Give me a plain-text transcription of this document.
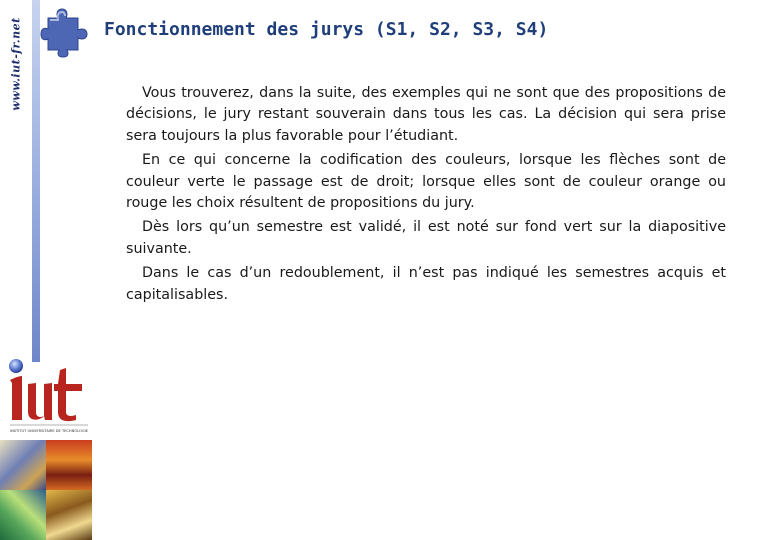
www.iut-fr.net
INSTITUT UNIVERSITAIRE DE TECHNOLOGIE
Fonctionnement des jurys (S1, S2, S3, S4)

Vous trouverez, dans la suite, des exemples qui ne sont que des propositions de décisions, le jury restant souverain dans tous les cas. La décision qui sera prise sera toujours la plus favorable pour l’étudiant.

En ce qui concerne la codification des couleurs, lorsque les flèches sont de couleur verte le passage est de droit; lorsque elles sont de couleur orange ou rouge les choix résultent de propositions du jury.

Dès lors qu’un semestre est validé, il est noté sur fond vert sur la diapositive suivante.

Dans le cas d’un redoublement, il n’est pas indiqué les semestres acquis et capitalisables.
